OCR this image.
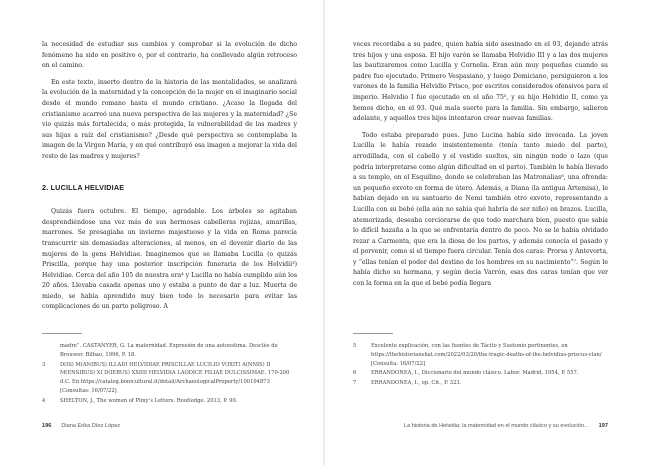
la necesidad de estudiar sus cambios y comprobar si la evolución de dicho fenómeno ha sido en positivo o, por el contrario, ha conllevado algún retroceso en el camino.

En este texto, inserto dentro de la historia de las mentalidades, se analizará la evolución de la maternidad y la concepción de la mujer en el imaginario social desde el mundo romano hasta el mundo cristiano. ¿Acaso la llegada del cristianismo acarreó una nueva perspectiva de las mujeres y la maternidad? ¿Se vio quizás más fortalecida, o más protegida, la vulnerabilidad de las madres y sus hijas a raíz del cristianismo? ¿Desde qué perspectiva se contemplaba la imagen de la Virgen María, y en qué contribuyó esa imagen a mejorar la vida del resto de las madres y mujeres?

2. LUCILLA HELVIDIAE

Quizás fuera octubre. El tiempo, agradable. Los árboles se agitaban desprendiéndose una vez más de sus hermosas cabelleras rojizas, amarillas, marrones. Se presagiaba un invierno majestuoso y la vida en Roma parecía transcurrir sin demasiadas alteraciones, al menos, en el devenir diario de las mujeres de la gens Helvidiae. Imaginemos que se llamaba Lucilla (o quizás Priscilla, porque hay una posterior inscripción funeraria de los Helvidii³) Helvidiae. Cerca del año 105 de nuestra era⁴ y Lucilla no había cumplido aún los 20 años. Llevaba casada apenas uno y estaba a punto de dar a luz. Muerta de miedo, se había aprendido muy bien todo lo necesario para evitar las complicaciones de un parto peligroso. A

madre”. CASTANYER, G. La maternidad. Expresión de una autoestima. Desclée de Brouwer. Bilbao, 1996, P. 18.
3	D(IS) M(ANIBUS) ILLADI HELVIDIAE PRISCILLAE LUCILIO V(IXIT) A(NNIS) II M(ENSIBUS) XI D(IEBUS) XXIIII HELVIDIA LAODICE FILIAE DULCISSIMAE. 170-200 d.C. En https://catalog.bonicultural.it/detail/ArchaeologicalProperty/100104873 [Consultas: 16/07/22]
4	SHELTON, J., The women of Pliny’s Letters. Routledge. 2013, P. 90.
196 Diana Erika Díez López

veces recordaba a su padre, quien había sido asesinado en el 93, dejando atrás tres hijos y una esposa. El hijo varón se llamaba Helvidio III y a las dos mujeres las bautizaremos como Lucilla y Cornelia. Eran aún muy pequeñas cuando su padre fue ejecutado. Primero Vespasiano, y luego Domiciano, persiguieron a los varones de la familia Helvidio Prisco, por escritos considerados ofensivos para el imperio. Helvidio I fue ejecutado en el año 75⁵, y su hijo Helvidio II, como ya hemos dicho, en el 93. Qué mala suerte para la familia. Sin embargo, salieron adelante, y aquellos tres hijos intentaron crear nuevas familias.

Todo estaba preparado pues. Juno Lucina había sido invocada. La joven Lucilla le había rezado insistentemente (tenía tanto miedo del parto), arrodillada, con el cabello y el vestido sueltos, sin ningún nudo o lazo (que podría interpretarse como algún dificultad en el parto). También le había llevado a su templo, en el Esquilino, donde se celebraban las Matronalias⁶, una ofrenda: un pequeño exvoto en forma de útero. Además, a Diana (la antigua Artemisa), le habían dejado en su santuario de Nemi también otro exvoto, representando a Lucilla con su bebé (ella aún no sabía qué habría de ser niño) en brazos. Lucilla, atemorizada, deseaba cerciorarse de que todo marchara bien, puesto que sabía lo difícil hazaña a la que se enfrentaría dentro de poco. No se le había olvidado rezar a Carmenta, que era la diosa de los partos, y además conocía el pasado y el porvenir, como si el tiempo fuera circular. Tenía dos caras: Prorsa y Antevorta, y “ellas tenían el poder del destino de los hombres en su nacimiento”⁷. Según le había dicho su hermana, y según decía Varrón, esas dos caras tenían que ver con la forma en la que el bebé podía llegara

5	Excelente explicación, con las fuentes de Tácito y Suetonio pertinentes, en https://thehistorianshat.com/2022/03/20/the-tragic-deaths-of-the-helvidius-priscus-clan/ [Consulta: 16/07/22]
6	ERRANDONEA, I., Diccionario del mundo clásico. Labor. Madrid, 1954, P. 557.
7	ERRANDONEA, I., op. Cit., P. 323.
La historia de Helvidia: la maternidad en el mundo clásico y su evolución... 197
